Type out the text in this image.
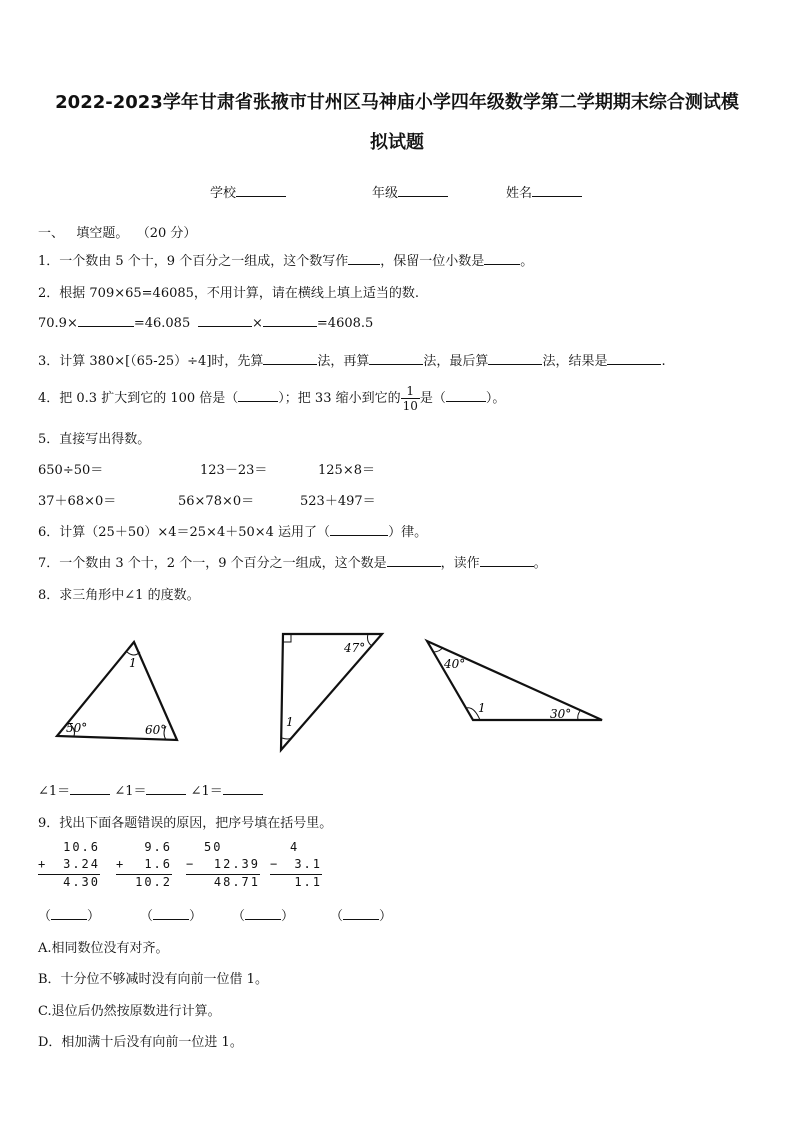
2022-2023学年甘肃省张掖市甘州区马神庙小学四年级数学第二学期期末综合测试模
拟试题
学校	年级	姓名
一、 填空题。 （20 分）
1．一个数由 5 个十，9 个百分之一组成，这个数写作 ，保留一位小数是	。
2．根据 709×65=46085，不用计算，请在横线上填上适当的数.
70.9×	=46.085	×	=4608.5
3．计算 380×[（65-25）÷4]时，先算	法，再算	法，最后算	法，结果是	.
4．把 0.3 扩大到它的 100 倍是（	）；把 33 缩小到它的 $\frac{1}{10}$ 是（	）。
5．直接写出得数。
650÷50＝	123－23＝	125×8＝
37＋68×0＝	56×78×0＝	523＋497＝
6．计算（25＋50）×4＝25×4＋50×4 运用了（	）律。
7．一个数由 3 个十，2 个一，9 个百分之一组成，这个数是	，读作	。
8．求三角形中∠1 的度数。
1
50°	60°
47°
1
40°
1	30°
∠1＝	∠1＝	∠1＝
9．找出下面各题错误的原因，把序号填在括号里。
10.6
+ 3.24
4.30
9.6
+ 1.6
10.2
50
− 12.39
48.71
4
− 3.1
1.1
（	）	（	） （	）	（	）
A.相同数位没有对齐。
B．十分位不够减时没有向前一位借 1。
C.退位后仍然按原数进行计算。
D．相加满十后没有向前一位进 1。
